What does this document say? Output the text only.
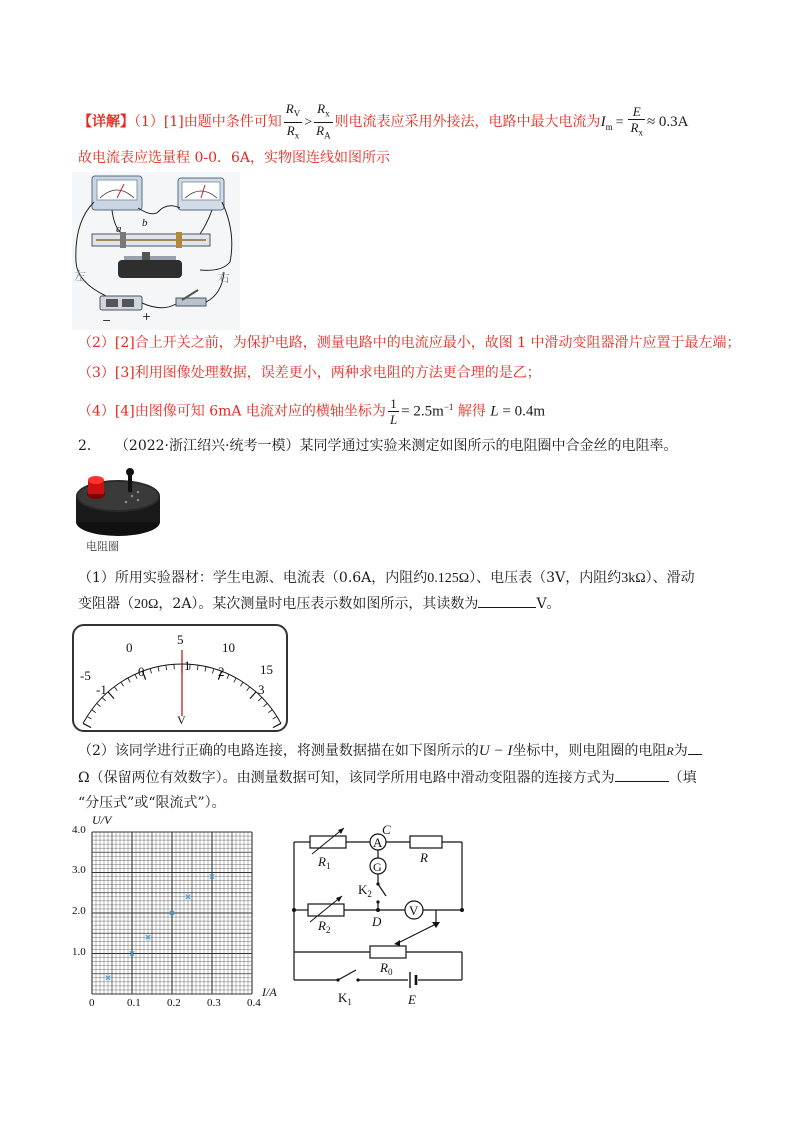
【详解】（1）[1]由题中条件可知 $\frac{R_V}{R_x} > \frac{R_x}{R_A}$ 则电流表应采用外接法，电路中最大电流为$I_m = \frac{E}{R_x} \approx 0.3A$
故电流表应选量程 0-0．6A，实物图连线如图所示
a b
左	右
−	+
（2）[2]合上开关之前，为保护电路，测量电路中的电流应最小，故图 1 中滑动变阻器滑片应置于最左端；
（3）[3]利用图像处理数据，误差更小，两种求电阻的方法更合理的是乙；
（4）[4]由图像可知 6mA 电流对应的横轴坐标为 $\frac{1}{L} = 2.5m^{-1}$ 解得 L = 0.4m
2． （2022·浙江绍兴·统考一模）某同学通过实验来测定如图所示的电阻圈中合金丝的电阻率。
电阻圈
（1）所用实验器材：学生电源、电流表（0.6A，内阻约0.125Ω）、电压表（3V，内阻约3kΩ）、滑动
变阻器（20Ω，2A）。某次测量时电压表示数如图所示，其读数为	V。
-5
0
5
10
15
-1
0	1 2
3
V
（2）该同学进行正确的电路连接，将测量数据描在如下图所示的U − I坐标中，则电阻圈的电阻R为
Ω（保留两位有效数字）。由测量数据可知，该同学所用电路中滑动变阻器的连接方式为	（填
“分压式”或“限流式”）。
U/V
I/A
0	0.1 0.2 0.3 0.4
1.0
2.0
3.0
4.0
A
C
R
$R_1$	G
$K_2$
$R_2$
D
V
$R_0$
$K_1$	E
